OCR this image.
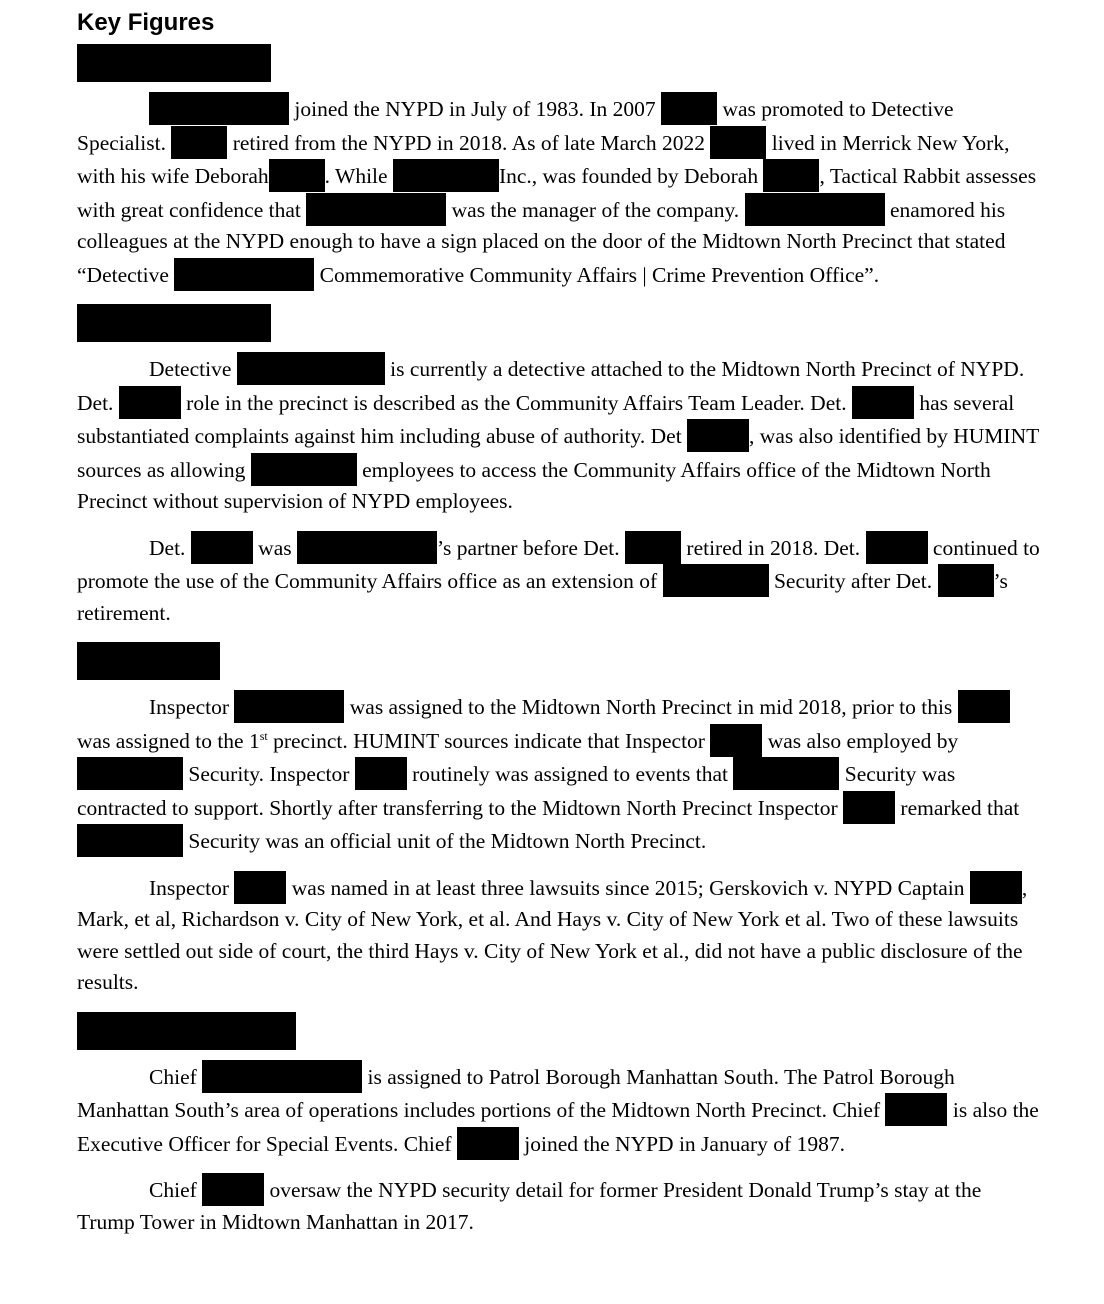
Key Figures

joined the NYPD in July of 1983. In 2007	was promoted to Detective Specialist.	retired from the NYPD in 2018. As of late March 2022	lived in Merrick New York, with his wife Deborah	. While	Inc., was founded by Deborah	, Tactical Rabbit assesses with great confidence that	was the manager of the company.	enamored his colleagues at the NYPD enough to have a sign placed on the door of the Midtown North Precinct that stated “Detective	Commemorative Community Affairs | Crime Prevention Office”.

Detective	is currently a detective attached to the Midtown North Precinct of NYPD. Det.	role in the precinct is described as the Community Affairs Team Leader. Det.	has several substantiated complaints against him including abuse of authority. Det	, was also identified by HUMINT sources as allowing	employees to access the Community Affairs office of the Midtown North Precinct without supervision of NYPD employees.

Det.	was	’s partner before Det.	retired in 2018. Det.	continued to promote the use of the Community Affairs office as an extension of	Security after Det.	’s retirement.

Inspector	was assigned to the Midtown North Precinct in mid 2018, prior to this  was assigned to the 1st precinct. HUMINT sources indicate that Inspector	was also employed by  Security. Inspector	routinely was assigned to events that	Security was contracted to support. Shortly after transferring to the Midtown North Precinct Inspector	remarked that  Security was an official unit of the Midtown North Precinct.

Inspector	was named in at least three lawsuits since 2015; Gerskovich v. NYPD Captain	, Mark, et al, Richardson v. City of New York, et al. And Hays v. City of New York et al. Two of these lawsuits were settled out side of court, the third Hays v. City of New York et al., did not have a public disclosure of the results.

Chief	is assigned to Patrol Borough Manhattan South. The Patrol Borough Manhattan South’s area of operations includes portions of the Midtown North Precinct. Chief	is also the Executive Officer for Special Events. Chief	joined the NYPD in January of 1987.

Chief	oversaw the NYPD security detail for former President Donald Trump’s stay at the Trump Tower in Midtown Manhattan in 2017.
